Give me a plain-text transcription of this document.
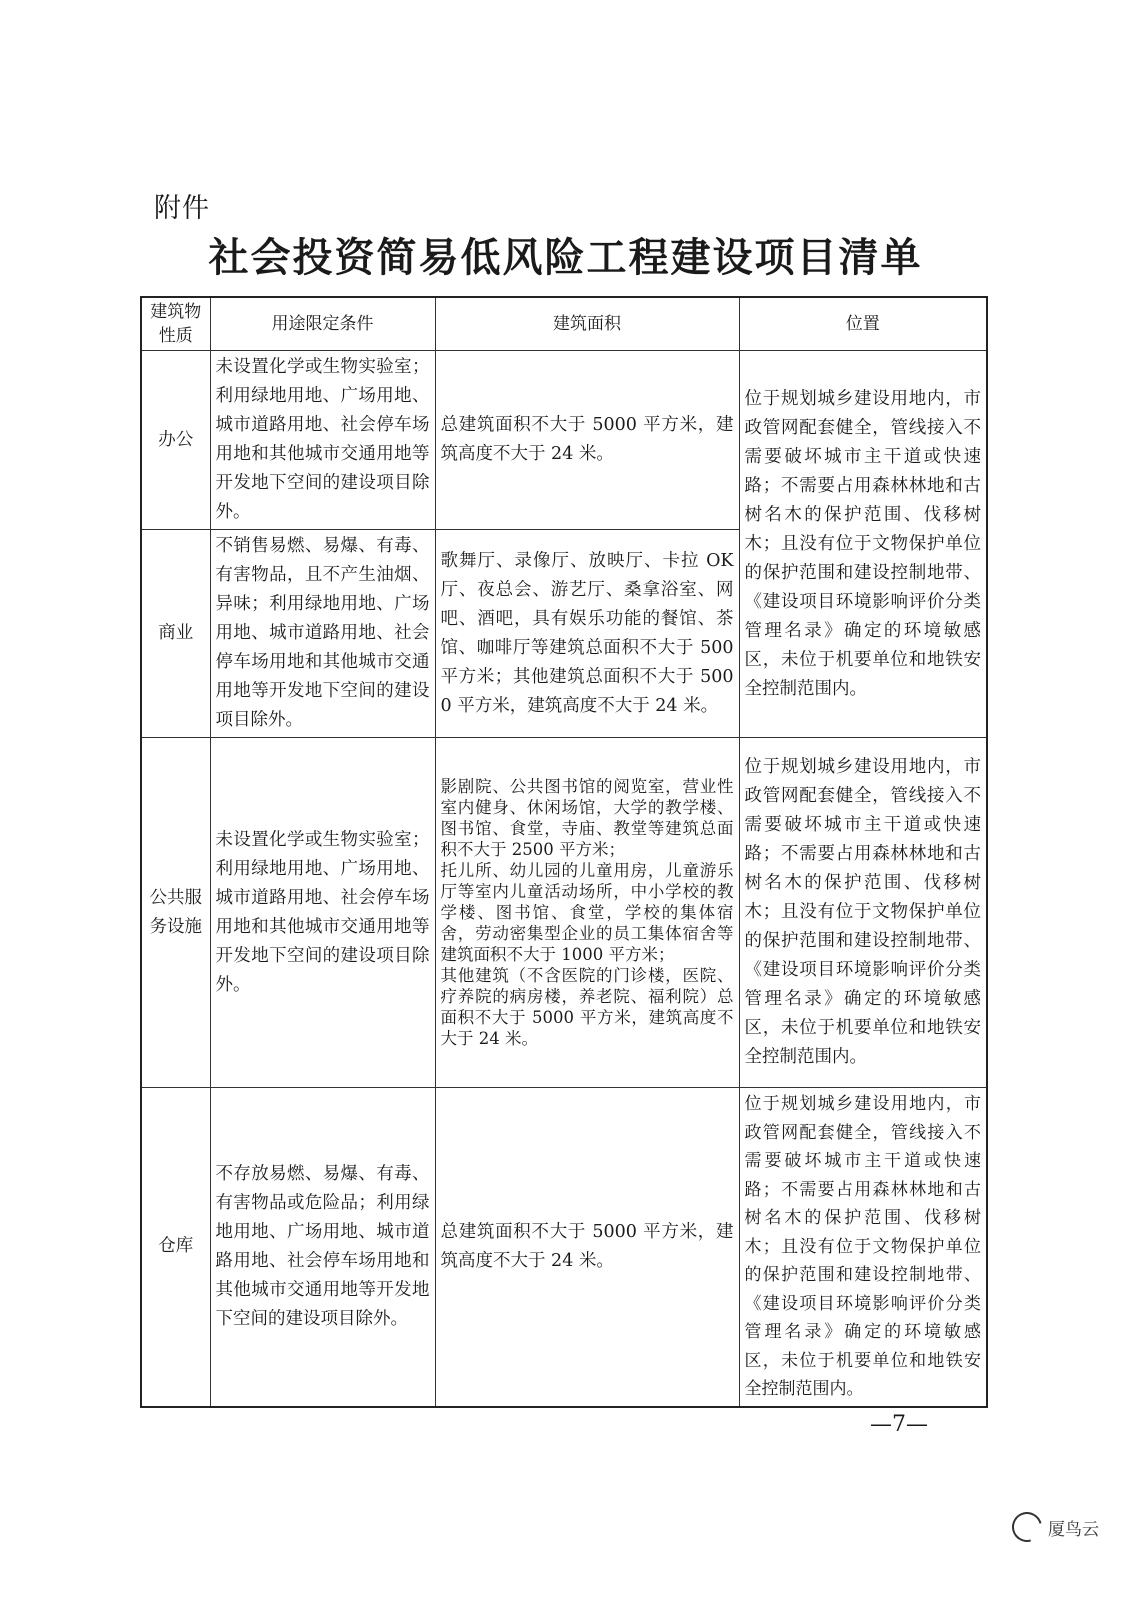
附件
社会投资简易低风险工程建设项目清单
建筑物性质	用途限定条件	建筑面积	位置
办公	未设置化学或生物实验室；利用绿地用地、广场用地、城市道路用地、社会停车场用地和其他城市交通用地等开发地下空间的建设项目除外。	总建筑面积不大于 5000 平方米，建筑高度不大于 24 米。	位于规划城乡建设用地内，市政管网配套健全，管线接入不需要破坏城市主干道或快速路；不需要占用森林林地和古树名木的保护范围、伐移树木；且没有位于文物保护单位的保护范围和建设控制地带、《建设项目环境影响评价分类管理名录》确定的环境敏感区，未位于机要单位和地铁安全控制范围内。
商业	不销售易燃、易爆、有毒、有害物品，且不产生油烟、异味；利用绿地用地、广场用地、城市道路用地、社会停车场用地和其他城市交通用地等开发地下空间的建设项目除外。	歌舞厅、录像厅、放映厅、卡拉 OK 厅、夜总会、游艺厅、桑拿浴室、网吧、酒吧，具有娱乐功能的餐馆、茶馆、咖啡厅等建筑总面积不大于 500 平方米；其他建筑总面积不大于 5000 平方米，建筑高度不大于 24 米。	
公共服务设施	未设置化学或生物实验室；利用绿地用地、广场用地、城市道路用地、社会停车场用地和其他城市交通用地等开发地下空间的建设项目除外。	影剧院、公共图书馆的阅览室，营业性室内健身、休闲场馆，大学的教学楼、图书馆、食堂，寺庙、教堂等建筑总面积不大于 2500 平方米；
托儿所、幼儿园的儿童用房，儿童游乐厅等室内儿童活动场所，中小学校的教学楼、图书馆、食堂，学校的集体宿舍，劳动密集型企业的员工集体宿舍等建筑面积不大于 1000 平方米；
其他建筑（不含医院的门诊楼，医院、疗养院的病房楼，养老院、福利院）总面积不大于 5000 平方米，建筑高度不大于 24 米。	位于规划城乡建设用地内，市政管网配套健全，管线接入不需要破坏城市主干道或快速路；不需要占用森林林地和古树名木的保护范围、伐移树木；且没有位于文物保护单位的保护范围和建设控制地带、《建设项目环境影响评价分类管理名录》确定的环境敏感区，未位于机要单位和地铁安全控制范围内。
仓库	不存放易燃、易爆、有毒、有害物品或危险品；利用绿地用地、广场用地、城市道路用地、社会停车场用地和其他城市交通用地等开发地下空间的建设项目除外。	总建筑面积不大于 5000 平方米，建筑高度不大于 24 米。	位于规划城乡建设用地内，市政管网配套健全，管线接入不需要破坏城市主干道或快速路；不需要占用森林林地和古树名木的保护范围、伐移树木；且没有位于文物保护单位的保护范围和建设控制地带、《建设项目环境影响评价分类管理名录》确定的环境敏感区，未位于机要单位和地铁安全控制范围内。
—7—
厦鸟云
